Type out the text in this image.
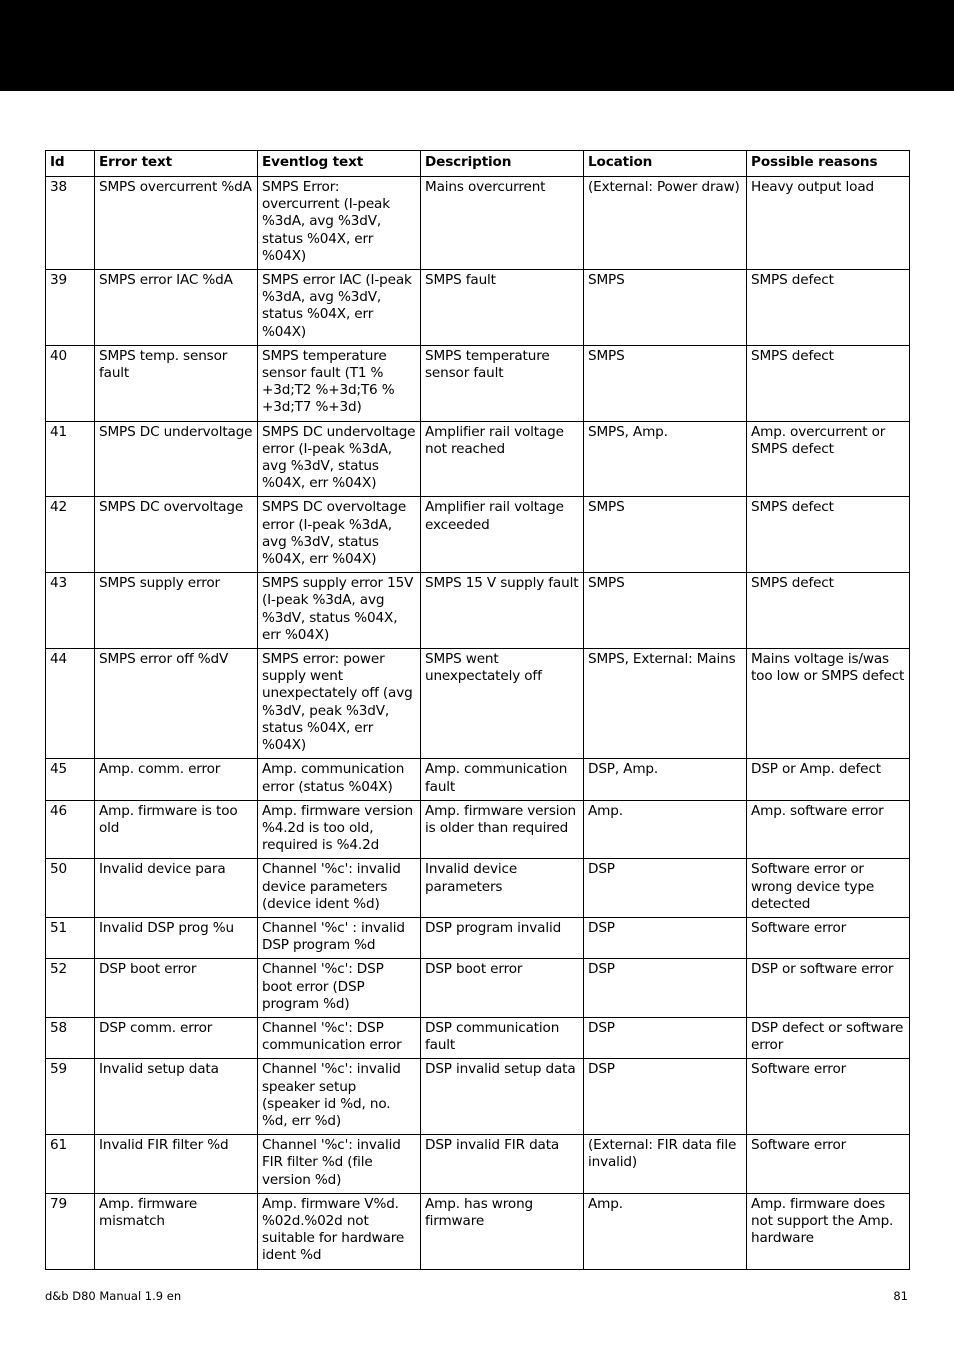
Id	Error text	Eventlog text	Description	Location	Possible reasons
38	SMPS overcurrent %dA	SMPS Error: overcurrent (I-peak %3dA, avg %3dV, status %04X, err %04X)	Mains overcurrent	(External: Power draw)	Heavy output load
39	SMPS error IAC %dA	SMPS error IAC (I-peak %3dA, avg %3dV, status %04X, err %04X)	SMPS fault	SMPS	SMPS defect
40	SMPS temp. sensor fault	SMPS temperature sensor fault (T1 % +3d;T2 %+3d;T6 % +3d;T7 %+3d)	SMPS temperature sensor fault	SMPS	SMPS defect
41	SMPS DC undervoltage	SMPS DC undervoltage error (I-peak %3dA, avg %3dV, status %04X, err %04X)	Amplifier rail voltage not reached	SMPS, Amp.	Amp. overcurrent or SMPS defect
42	SMPS DC overvoltage	SMPS DC overvoltage error (I-peak %3dA, avg %3dV, status %04X, err %04X)	Amplifier rail voltage exceeded	SMPS	SMPS defect
43	SMPS supply error	SMPS supply error 15V (I-peak %3dA, avg %3dV, status %04X, err %04X)	SMPS 15 V supply fault	SMPS	SMPS defect
44	SMPS error off %dV	SMPS error: power supply went unexpectately off (avg %3dV, peak %3dV, status %04X, err %04X)	SMPS went unexpectately off	SMPS, External: Mains	Mains voltage is/was too low or SMPS defect
45	Amp. comm. error	Amp. communication error (status %04X)	Amp. communication fault	DSP, Amp.	DSP or Amp. defect
46	Amp. firmware is too old	Amp. firmware version %4.2d is too old, required is %4.2d	Amp. firmware version is older than required	Amp.	Amp. software error
50	Invalid device para	Channel '%c': invalid device parameters (device ident %d)	Invalid device parameters	DSP	Software error or wrong device type detected
51	Invalid DSP prog %u	Channel '%c' : invalid DSP program %d	DSP program invalid	DSP	Software error
52	DSP boot error	Channel '%c': DSP boot error (DSP program %d)	DSP boot error	DSP	DSP or software error
58	DSP comm. error	Channel '%c': DSP communication error	DSP communication fault	DSP	DSP defect or software error
59	Invalid setup data	Channel '%c': invalid speaker setup (speaker id %d, no. %d, err %d)	DSP invalid setup data	DSP	Software error
61	Invalid FIR filter %d	Channel '%c': invalid FIR filter %d (file version %d)	DSP invalid FIR data	(External: FIR data file invalid)	Software error
79	Amp. firmware mismatch	Amp. firmware V%d. %02d.%02d not suitable for hardware ident %d	Amp. has wrong firmware	Amp.	Amp. firmware does not support the Amp. hardware
d&b D80 Manual 1.9 en	81
